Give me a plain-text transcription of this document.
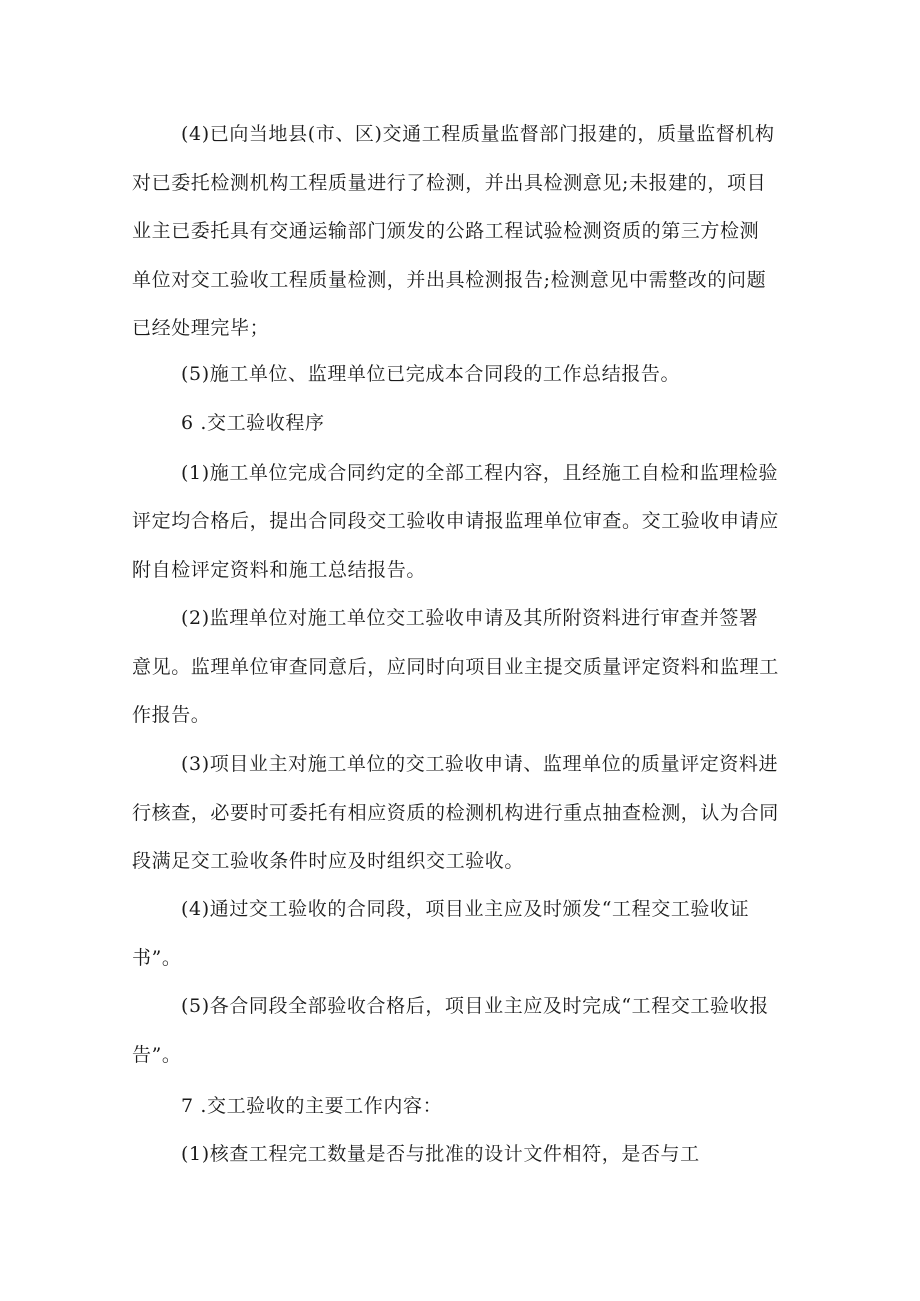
(4)已向当地县(市、区)交通工程质量监督部门报建的，质量监督机构
对已委托检测机构工程质量进行了检测，并出具检测意见;未报建的，项目
业主已委托具有交通运输部门颁发的公路工程试验检测资质的第三方检测
单位对交工验收工程质量检测，并出具检测报告;检测意见中需整改的问题
已经处理完毕；
(5)施工单位、监理单位已完成本合同段的工作总结报告。
6 .交工验收程序
(1)施工单位完成合同约定的全部工程内容，且经施工自检和监理检验
评定均合格后，提出合同段交工验收申请报监理单位审查。交工验收申请应
附自检评定资料和施工总结报告。
(2)监理单位对施工单位交工验收申请及其所附资料进行审查并签署
意见。监理单位审查同意后，应同时向项目业主提交质量评定资料和监理工
作报告。
(3)项目业主对施工单位的交工验收申请、监理单位的质量评定资料进
行核查，必要时可委托有相应资质的检测机构进行重点抽查检测，认为合同
段满足交工验收条件时应及时组织交工验收。
(4)通过交工验收的合同段，项目业主应及时颁发“工程交工验收证
书”。
(5)各合同段全部验收合格后，项目业主应及时完成“工程交工验收报
告”。
7 .交工验收的主要工作内容：
(1)核查工程完工数量是否与批准的设计文件相符，是否与工
